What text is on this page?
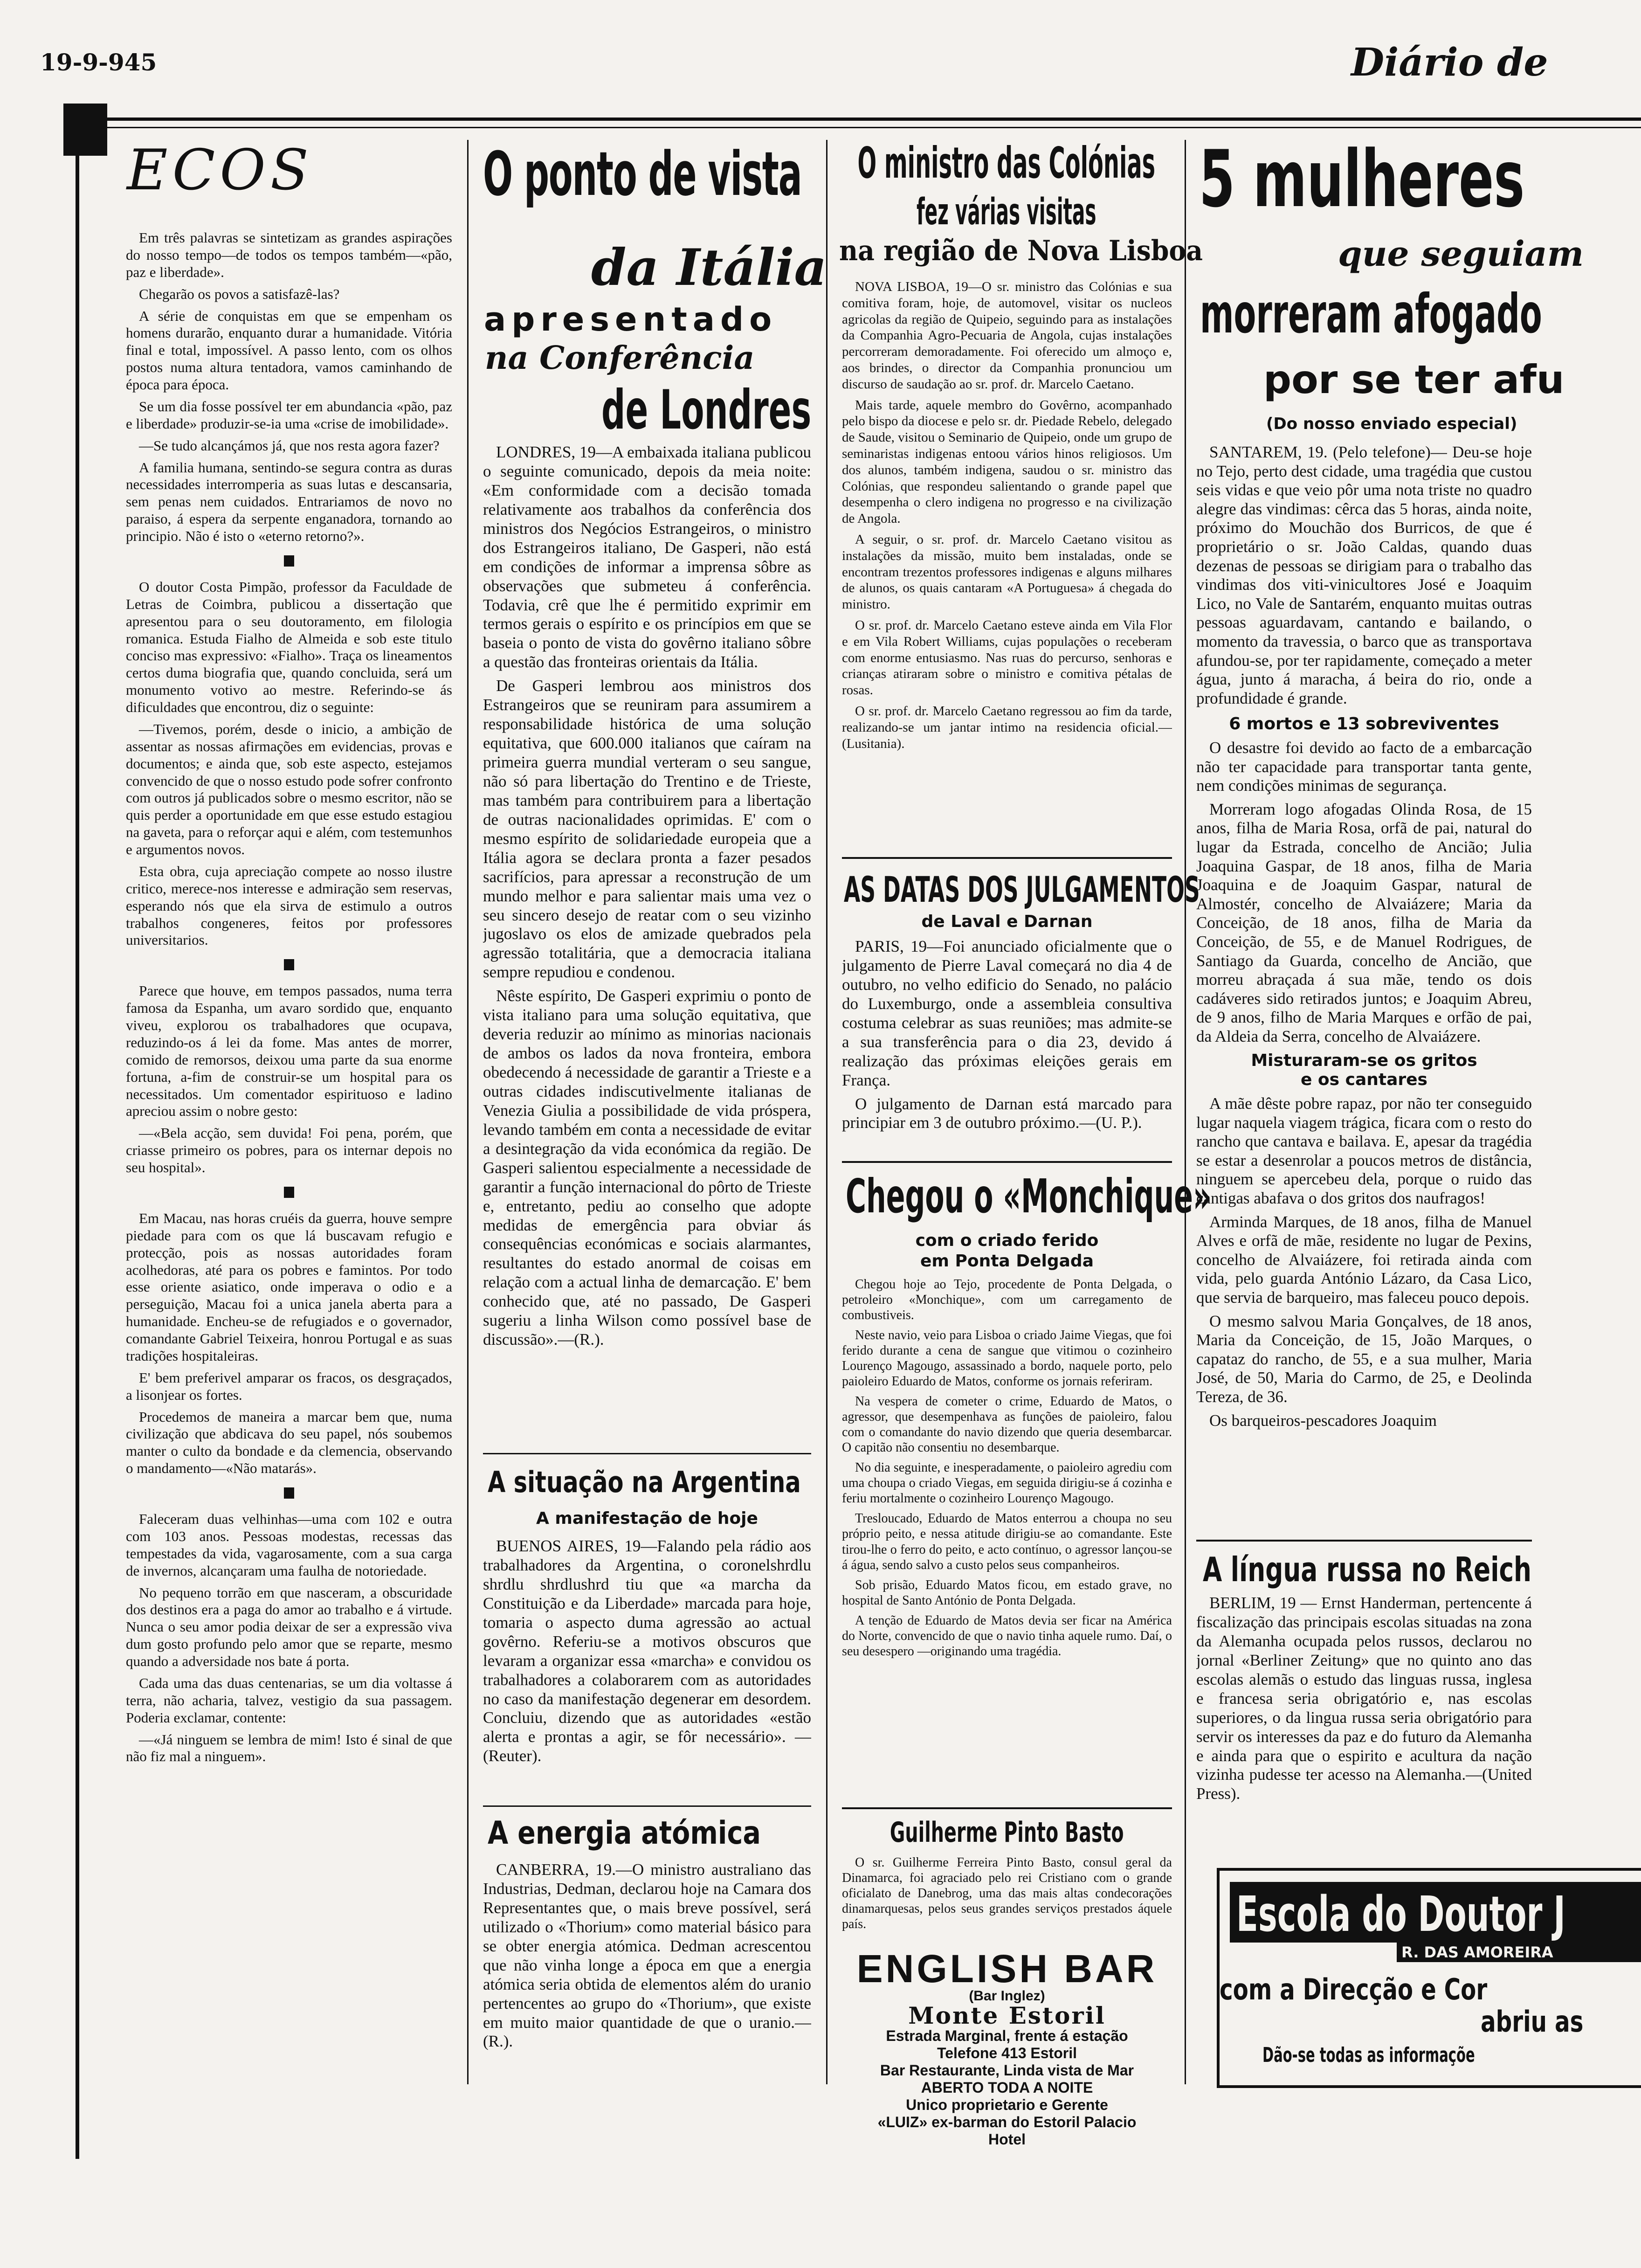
19-9-945	Diário de
ECOS

Em três palavras se sintetizam as grandes aspirações do nosso tempo—de todos os tempos também—«pão, paz e liberdade».

Chegarão os povos a satisfazê-las?

A série de conquistas em que se empenham os homens durarão, enquanto durar a humanidade. Vitória final e total, impossível. A passo lento, com os olhos postos numa altura tentadora, vamos caminhando de época para época.

Se um dia fosse possível ter em abundancia «pão, paz e liberdade» produzir-se-ia uma «crise de imobilidade».

—Se tudo alcançámos já, que nos resta agora fazer?

A familia humana, sentindo-se segura contra as duras necessidades interromperia as suas lutas e descansaria, sem penas nem cuidados. Entrariamos de novo no paraiso, á espera da serpente enganadora, tornando ao principio. Não é isto o «eterno retorno?».

O doutor Costa Pimpão, professor da Faculdade de Letras de Coimbra, publicou a dissertação que apresentou para o seu doutoramento, em filologia romanica. Estuda Fialho de Almeida e sob este titulo conciso mas expressivo: «Fialho». Traça os lineamentos certos duma biografia que, quando concluida, será um monumento votivo ao mestre. Referindo-se ás dificuldades que encontrou, diz o seguinte:

—Tivemos, porém, desde o inicio, a ambição de assentar as nossas afirmações em evidencias, provas e documentos; e ainda que, sob este aspecto, estejamos convencido de que o nosso estudo pode sofrer confronto com outros já publicados sobre o mesmo escritor, não se quis perder a oportunidade em que esse estudo estagiou na gaveta, para o reforçar aqui e além, com testemunhos e argumentos novos.

Esta obra, cuja apreciação compete ao nosso ilustre critico, merece-nos interesse e admiração sem reservas, esperando nós que ela sirva de estimulo a outros trabalhos congeneres, feitos por professores universitarios.

Parece que houve, em tempos passados, numa terra famosa da Espanha, um avaro sordido que, enquanto viveu, explorou os trabalhadores que ocupava, reduzindo-os á lei da fome. Mas antes de morrer, comido de remorsos, deixou uma parte da sua enorme fortuna, a-fim de construir-se um hospital para os necessitados. Um comentador espirituoso e ladino apreciou assim o nobre gesto:

—«Bela acção, sem duvida! Foi pena, porém, que criasse primeiro os pobres, para os internar depois no seu hospital».

Em Macau, nas horas cruéis da guerra, houve sempre piedade para com os que lá buscavam refugio e protecção, pois as nossas autoridades foram acolhedoras, até para os pobres e famintos. Por todo esse oriente asiatico, onde imperava o odio e a perseguição, Macau foi a unica janela aberta para a humanidade. Encheu-se de refugiados e o governador, comandante Gabriel Teixeira, honrou Portugal e as suas tradições hospitaleiras.

E' bem preferivel amparar os fracos, os desgraçados, a lisonjear os fortes.

Procedemos de maneira a marcar bem que, numa civilização que abdicava do seu papel, nós soubemos manter o culto da bondade e da clemencia, observando o mandamento—«Não matarás».

Faleceram duas velhinhas—uma com 102 e outra com 103 anos. Pessoas modestas, recessas das tempestades da vida, vagarosamente, com a sua carga de invernos, alcançaram uma faulha de notoriedade.

No pequeno torrão em que nasceram, a obscuridade dos destinos era a paga do amor ao trabalho e á virtude. Nunca o seu amor podia deixar de ser a expressão viva dum gosto profundo pelo amor que se reparte, mesmo quando a adversidade nos bate á porta.

Cada uma das duas centenarias, se um dia voltasse á terra, não acharia, talvez, vestigio da sua passagem. Poderia exclamar, contente:

—«Já ninguem se lembra de mim! Isto é sinal de que não fiz mal a ninguem».

O ponto de vista
da Itália
apresentado
na Conferência
de Londres

LONDRES, 19—A embaixada italiana publicou o seguinte comunicado, depois da meia noite: «Em conformidade com a decisão tomada relativamente aos trabalhos da conferência dos ministros dos Negócios Estrangeiros, o ministro dos Estrangeiros italiano, De Gasperi, não está em condições de informar a imprensa sôbre as observações que submeteu á conferência. Todavia, crê que lhe é permitido exprimir em termos gerais o espírito e os princípios em que se baseia o ponto de vista do govêrno italiano sôbre a questão das fronteiras orientais da Itália.

De Gasperi lembrou aos ministros dos Estrangeiros que se reuniram para assumirem a responsabilidade histórica de uma solução equitativa, que 600.000 italianos que caíram na primeira guerra mundial verteram o seu sangue, não só para libertação do Trentino e de Trieste, mas também para contribuirem para a libertação de outras nacionalidades oprimidas. E' com o mesmo espírito de solidariedade europeia que a Itália agora se declara pronta a fazer pesados sacrifícios, para apressar a reconstrução de um mundo melhor e para salientar mais uma vez o seu sincero desejo de reatar com o seu vizinho jugoslavo os elos de amizade quebrados pela agressão totalitária, que a democracia italiana sempre repudiou e condenou.

Nêste espírito, De Gasperi exprimiu o ponto de vista italiano para uma solução equitativa, que deveria reduzir ao mínimo as minorias nacionais de ambos os lados da nova fronteira, embora obedecendo á necessidade de garantir a Trieste e a outras cidades indiscutivelmente italianas de Venezia Giulia a possibilidade de vida próspera, levando também em conta a necessidade de evitar a desintegração da vida económica da região. De Gasperi salientou especialmente a necessidade de garantir a função internacional do pôrto de Trieste e, entretanto, pediu ao conselho que adopte medidas de emergência para obviar ás consequências económicas e sociais alarmantes, resultantes do estado anormal de coisas em relação com a actual linha de demarcação. E' bem conhecido que, até no passado, De Gasperi sugeriu a linha Wilson como possível base de discussão».—(R.).

A situação na Argentina
A manifestação de hoje

BUENOS AIRES, 19—Falando pela rádio aos trabalhadores da Argentina, o coronelshrdlu shrdlu shrdlushrd tiu que «a marcha da Constituição e da Liberdade» marcada para hoje, tomaria o aspecto duma agressão ao actual govêrno. Referiu-se a motivos obscuros que levaram a organizar essa «marcha» e convidou os trabalhadores a colaborarem com as autoridades no caso da manifestação degenerar em desordem. Concluiu, dizendo que as autoridades «estão alerta e prontas a agir, se fôr necessário». — (Reuter).

A energia atómica

CANBERRA, 19.—O ministro australiano das Industrias, Dedman, declarou hoje na Camara dos Representantes que, o mais breve possível, será utilizado o «Thorium» como material básico para se obter energia atómica. Dedman acrescentou que não vinha longe a época em que a energia atómica seria obtida de elementos além do uranio pertencentes ao grupo do «Thorium», que existe em muito maior quantidade de que o uranio.—(R.).

O ministro das Colónias
fez várias visitas
na região de Nova Lisboa

NOVA LISBOA, 19—O sr. ministro das Colónias e sua comitiva foram, hoje, de automovel, visitar os nucleos agricolas da região de Quipeio, seguindo para as instalações da Companhia Agro-Pecuaria de Angola, cujas instalações percorreram demoradamente. Foi oferecido um almoço e, aos brindes, o director da Companhia pronunciou um discurso de saudação ao sr. prof. dr. Marcelo Caetano.

Mais tarde, aquele membro do Govêrno, acompanhado pelo bispo da diocese e pelo sr. dr. Piedade Rebelo, delegado de Saude, visitou o Seminario de Quipeio, onde um grupo de seminaristas indigenas entoou vários hinos religiosos. Um dos alunos, também indigena, saudou o sr. ministro das Colónias, que respondeu salientando o grande papel que desempenha o clero indigena no progresso e na civilização de Angola.

A seguir, o sr. prof. dr. Marcelo Caetano visitou as instalações da missão, muito bem instaladas, onde se encontram trezentos professores indigenas e alguns milhares de alunos, os quais cantaram «A Portuguesa» á chegada do ministro.

O sr. prof. dr. Marcelo Caetano esteve ainda em Vila Flor e em Vila Robert Williams, cujas populações o receberam com enorme entusiasmo. Nas ruas do percurso, senhoras e crianças atiraram sobre o ministro e comitiva pétalas de rosas.

O sr. prof. dr. Marcelo Caetano regressou ao fim da tarde, realizando-se um jantar intimo na residencia oficial.—(Lusitania).

AS DATAS DOS JULGAMENTOS
de Laval e Darnan

PARIS, 19—Foi anunciado oficialmente que o julgamento de Pierre Laval começará no dia 4 de outubro, no velho edificio do Senado, no palácio do Luxemburgo, onde a assembleia consultiva costuma celebrar as suas reuniões; mas admite-se a sua transferência para o dia 23, devido á realização das próximas eleições gerais em França.

O julgamento de Darnan está marcado para principiar em 3 de outubro próximo.—(U. P.).

Chegou o «Monchique»
com o criado ferido
em Ponta Delgada

Chegou hoje ao Tejo, procedente de Ponta Delgada, o petroleiro «Monchique», com um carregamento de combustiveis.

Neste navio, veio para Lisboa o criado Jaime Viegas, que foi ferido durante a cena de sangue que vitimou o cozinheiro Lourenço Magougo, assassinado a bordo, naquele porto, pelo paioleiro Eduardo de Matos, conforme os jornais referiram.

Na vespera de cometer o crime, Eduardo de Matos, o agressor, que desempenhava as funções de paioleiro, falou com o comandante do navio dizendo que queria desembarcar. O capitão não consentiu no desembarque.

No dia seguinte, e inesperadamente, o paioleiro agrediu com uma choupa o criado Viegas, em seguida dirigiu-se á cozinha e feriu mortalmente o cozinheiro Lourenço Magougo.

Tresloucado, Eduardo de Matos enterrou a choupa no seu próprio peito, e nessa atitude dirigiu-se ao comandante. Este tirou-lhe o ferro do peito, e acto contínuo, o agressor lançou-se á água, sendo salvo a custo pelos seus companheiros.

Sob prisão, Eduardo Matos ficou, em estado grave, no hospital de Santo António de Ponta Delgada.

A tenção de Eduardo de Matos devia ser ficar na América do Norte, convencido de que o navio tinha aquele rumo. Daí, o seu desespero —originando uma tragédia.

Guilherme Pinto Basto

O sr. Guilherme Ferreira Pinto Basto, consul geral da Dinamarca, foi agraciado pelo rei Cristiano com o grande oficialato de Danebrog, uma das mais altas condecorações dinamarquesas, pelos seus grandes serviços prestados áquele país.

ENGLISH BAR
(Bar Inglez)
Monte Estoril
Estrada Marginal, frente á estação
Telefone 413 Estoril
Bar Restaurante, Linda vista de Mar
ABERTO TODA A NOITE
Unico proprietario e Gerente
«LUIZ» ex-barman do Estoril Palacio
Hotel
5 mulheres
que seguiam
morreram afogado
por se ter afu
(Do nosso enviado especial)

SANTAREM, 19. (Pelo telefone)— Deu-se hoje no Tejo, perto dest cidade, uma tragédia que custou seis vidas e que veio pôr uma nota triste no quadro alegre das vindimas: cêrca das 5 horas, ainda noite, próximo do Mouchão dos Burricos, de que é proprietário o sr. João Caldas, quando duas dezenas de pessoas se dirigiam para o trabalho das vindimas dos viti-vinicultores José e Joaquim Lico, no Vale de Santarém, enquanto muitas outras pessoas aguardavam, cantando e bailando, o momento da travessia, o barco que as transportava afundou-se, por ter rapidamente, começado a meter água, junto á maracha, á beira do rio, onde a profundidade é grande.

6 mortos e 13 sobreviventes

O desastre foi devido ao facto de a embarcação não ter capacidade para transportar tanta gente, nem condições minimas de segurança.

Morreram logo afogadas Olinda Rosa, de 15 anos, filha de Maria Rosa, orfã de pai, natural do lugar da Estrada, concelho de Ancião; Julia Joaquina Gaspar, de 18 anos, filha de Maria Joaquina e de Joaquim Gaspar, natural de Almostér, concelho de Alvaiázere; Maria da Conceição, de 18 anos, filha de Maria da Conceição, de 55, e de Manuel Rodrigues, de Santiago da Guarda, concelho de Ancião, que morreu abraçada á sua mãe, tendo os dois cadáveres sido retirados juntos; e Joaquim Abreu, de 9 anos, filho de Maria Marques e orfão de pai, da Aldeia da Serra, concelho de Alvaiázere.

Misturaram-se os gritos
e os cantares

A mãe dêste pobre rapaz, por não ter conseguido lugar naquela viagem trágica, ficara com o resto do rancho que cantava e bailava. E, apesar da tragédia se estar a desenrolar a poucos metros de distância, ninguem se apercebeu dela, porque o ruido das cantigas abafava o dos gritos dos naufragos!

Arminda Marques, de 18 anos, filha de Manuel Alves e orfã de mãe, residente no lugar de Pexins, concelho de Alvaiázere, foi retirada ainda com vida, pelo guarda António Lázaro, da Casa Lico, que servia de barqueiro, mas faleceu pouco depois.

O mesmo salvou Maria Gonçalves, de 18 anos, Maria da Conceição, de 15, João Marques, o capataz do rancho, de 55, e a sua mulher, Maria José, de 50, Maria do Carmo, de 25, e Deolinda Tereza, de 36.

Os barqueiros-pescadores Joaquim

A língua russa no Reich

BERLIM, 19 — Ernst Handerman, pertencente á fiscalização das principais escolas situadas na zona da Alemanha ocupada pelos russos, declarou no jornal «Berliner Zeitung» que no quinto ano das escolas alemãs o estudo das linguas russa, inglesa e francesa seria obrigatório e, nas escolas superiores, o da lingua russa seria obrigatório para servir os interesses da paz e do futuro da Alemanha e ainda para que o espirito e acultura da nação vizinha pudesse ter acesso na Alemanha.—(United Press).

Escola do Doutor J
R. DAS AMOREIRA
com a Direcção e Cor
abriu as
Dão-se todas as informaçõe
